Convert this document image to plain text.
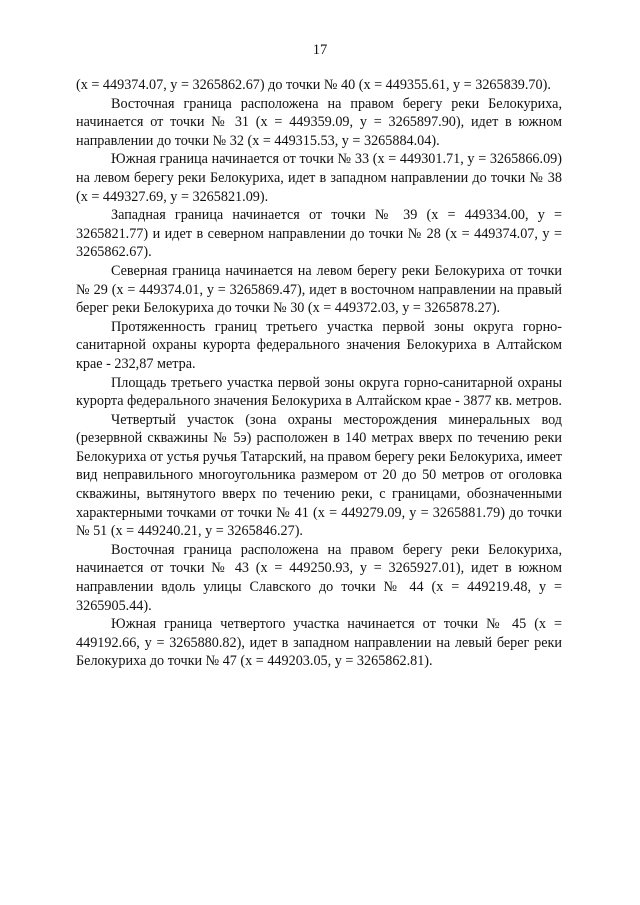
17

(x = 449374.07, y = 3265862.67) до точки № 40 (x = 449355.61, y = 3265839.70).

Восточная граница расположена на правом берегу реки Белокуриха, начинается от точки № 31 (x = 449359.09, y = 3265897.90), идет в южном направлении до точки № 32 (x = 449315.53, y = 3265884.04).

Южная граница начинается от точки № 33 (x = 449301.71, y = 3265866.09) на левом берегу реки Белокуриха, идет в западном направлении до точки № 38 (x = 449327.69, y = 3265821.09).

Западная граница начинается от точки № 39 (x = 449334.00, y = 3265821.77) и идет в северном направлении до точки № 28 (x = 449374.07, y = 3265862.67).

Северная граница начинается на левом берегу реки Белокуриха от точки № 29 (x = 449374.01, y = 3265869.47), идет в восточном направлении на правый берег реки Белокуриха до точки № 30 (x = 449372.03, y = 3265878.27).

Протяженность границ третьего участка первой зоны округа горно-санитарной охраны курорта федерального значения Белокуриха в Алтайском крае - 232,87 метра.

Площадь третьего участка первой зоны округа горно-санитарной охраны курорта федерального значения Белокуриха в Алтайском крае - 3877 кв. метров.

Четвертый участок (зона охраны месторождения минеральных вод (резервной скважины № 5э) расположен в 140 метрах вверх по течению реки Белокуриха от устья ручья Татарский, на правом берегу реки Белокуриха, имеет вид неправильного многоугольника размером от 20 до 50 метров от оголовка скважины, вытянутого вверх по течению реки, с границами, обозначенными характерными точками от точки № 41 (x = 449279.09, y = 3265881.79) до точки № 51 (x = 449240.21, y = 3265846.27).

Восточная граница расположена на правом берегу реки Белокуриха, начинается от точки № 43 (x = 449250.93, y = 3265927.01), идет в южном направлении вдоль улицы Славского до точки № 44 (x = 449219.48, y = 3265905.44).

Южная граница четвертого участка начинается от точки № 45 (x = 449192.66, y = 3265880.82), идет в западном направлении на левый берег реки Белокуриха до точки № 47 (x = 449203.05, y = 3265862.81).
